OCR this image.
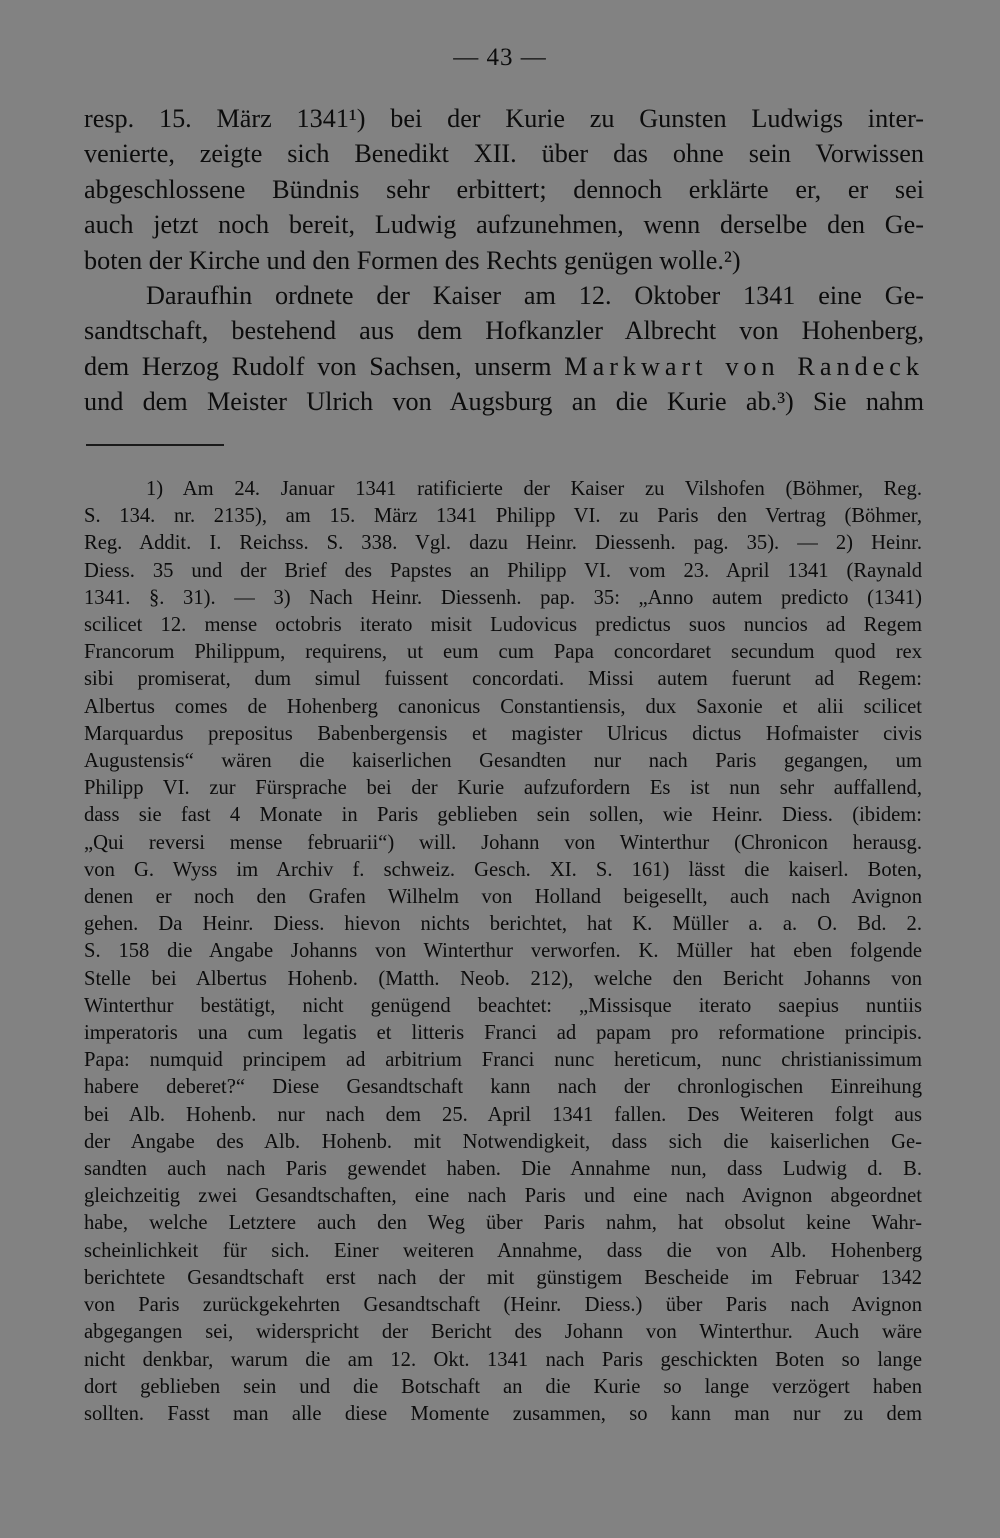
— 43 —
resp. 15. März 1341¹) bei der Kurie zu Gunsten Ludwigs inter-
venierte, zeigte sich Benedikt XII. über das ohne sein Vorwissen
abgeschlossene Bündnis sehr erbittert; dennoch erklärte er, er sei
auch jetzt noch bereit, Ludwig aufzunehmen, wenn derselbe den Ge-
boten der Kirche und den Formen des Rechts genügen wolle.²)
Daraufhin ordnete der Kaiser am 12. Oktober 1341 eine Ge-
sandtschaft, bestehend aus dem Hofkanzler Albrecht von Hohenberg,
dem Herzog Rudolf von Sachsen, unserm Markwart von Randeck
und dem Meister Ulrich von Augsburg an die Kurie ab.³) Sie nahm
1) Am 24. Januar 1341 ratificierte der Kaiser zu Vilshofen (Böhmer, Reg.
S. 134. nr. 2135), am 15. März 1341 Philipp VI. zu Paris den Vertrag (Böhmer,
Reg. Addit. I. Reichss. S. 338. Vgl. dazu Heinr. Diessenh. pag. 35). — 2) Heinr.
Diess. 35 und der Brief des Papstes an Philipp VI. vom 23. April 1341 (Raynald
1341. §. 31). — 3) Nach Heinr. Diessenh. pap. 35: „Anno autem predicto (1341)
scilicet 12. mense octobris iterato misit Ludovicus predictus suos nuncios ad Regem
Francorum Philippum, requirens, ut eum cum Papa concordaret secundum quod rex
sibi promiserat, dum simul fuissent concordati. Missi autem fuerunt ad Regem:
Albertus comes de Hohenberg canonicus Constantiensis, dux Saxonie et alii scilicet
Marquardus prepositus Babenbergensis et magister Ulricus dictus Hofmaister civis
Augustensis“ wären die kaiserlichen Gesandten nur nach Paris gegangen, um
Philipp VI. zur Fürsprache bei der Kurie aufzufordern Es ist nun sehr auffallend,
dass sie fast 4 Monate in Paris geblieben sein sollen, wie Heinr. Diess. (ibidem:
„Qui reversi mense februarii“) will. Johann von Winterthur (Chronicon herausg.
von G. Wyss im Archiv f. schweiz. Gesch. XI. S. 161) lässt die kaiserl. Boten,
denen er noch den Grafen Wilhelm von Holland beigesellt, auch nach Avignon
gehen. Da Heinr. Diess. hievon nichts berichtet, hat K. Müller a. a. O. Bd. 2.
S. 158 die Angabe Johanns von Winterthur verworfen. K. Müller hat eben folgende
Stelle bei Albertus Hohenb. (Matth. Neob. 212), welche den Bericht Johanns von
Winterthur bestätigt, nicht genügend beachtet: „Missisque iterato saepius nuntiis
imperatoris una cum legatis et litteris Franci ad papam pro reformatione principis.
Papa: numquid principem ad arbitrium Franci nunc hereticum, nunc christianissimum
habere deberet?“ Diese Gesandtschaft kann nach der chronlogischen Einreihung
bei Alb. Hohenb. nur nach dem 25. April 1341 fallen. Des Weiteren folgt aus
der Angabe des Alb. Hohenb. mit Notwendigkeit, dass sich die kaiserlichen Ge-
sandten auch nach Paris gewendet haben. Die Annahme nun, dass Ludwig d. B.
gleichzeitig zwei Gesandtschaften, eine nach Paris und eine nach Avignon abgeordnet
habe, welche Letztere auch den Weg über Paris nahm, hat obsolut keine Wahr-
scheinlichkeit für sich. Einer weiteren Annahme, dass die von Alb. Hohenberg
berichtete Gesandtschaft erst nach der mit günstigem Bescheide im Februar 1342
von Paris zurückgekehrten Gesandtschaft (Heinr. Diess.) über Paris nach Avignon
abgegangen sei, widerspricht der Bericht des Johann von Winterthur. Auch wäre
nicht denkbar, warum die am 12. Okt. 1341 nach Paris geschickten Boten so lange
dort geblieben sein und die Botschaft an die Kurie so lange verzögert haben
sollten. Fasst man alle diese Momente zusammen, so kann man nur zu dem
